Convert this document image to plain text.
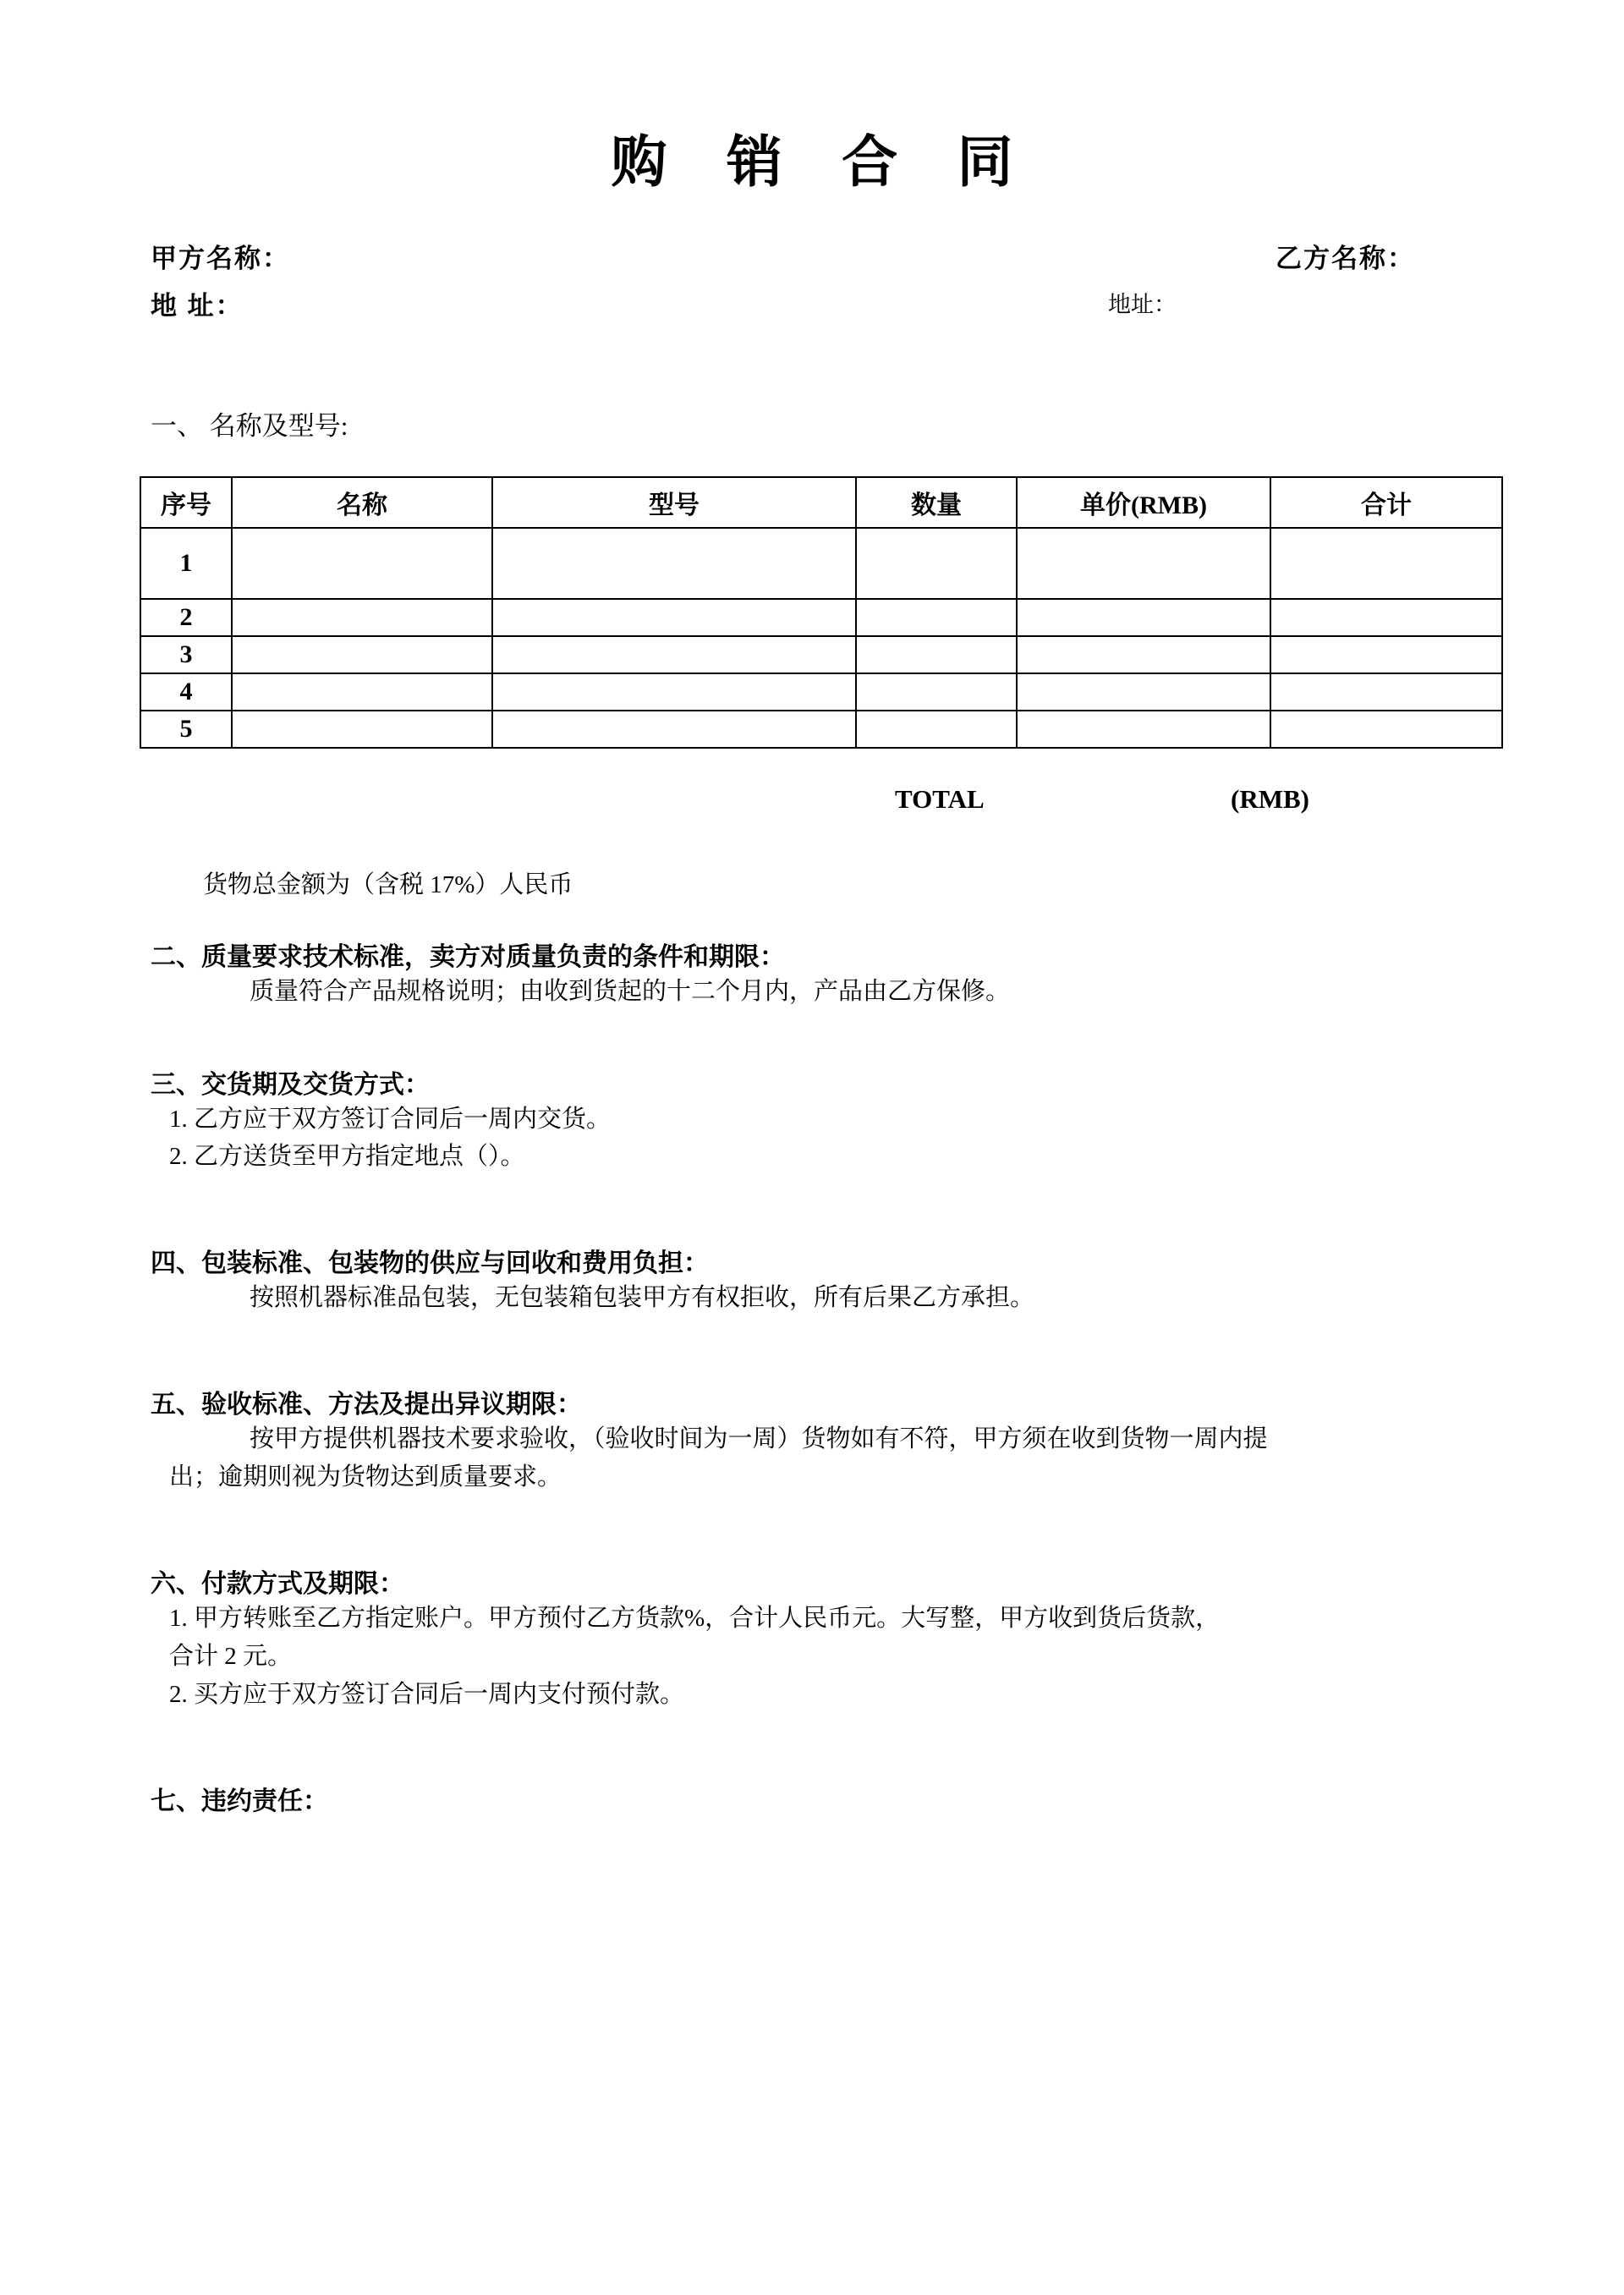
购 销 合 同
甲方名称：
地 址：
乙方名称：
地址：
一、 名称及型号:
序号	名称	型号	数量	单价(RMB)	合计
1					
2					
3					
4					
5					
TOTAL	(RMB)
货物总金额为（含税 17%）人民币
二、质量要求技术标准，卖方对质量负责的条件和期限：
质量符合产品规格说明；由收到货起的十二个月内，产品由乙方保修。
三、交货期及交货方式：
1. 乙方应于双方签订合同后一周内交货。
2. 乙方送货至甲方指定地点（）。
四、包装标准、包装物的供应与回收和费用负担：
按照机器标准品包装，无包装箱包装甲方有权拒收，所有后果乙方承担。
五、验收标准、方法及提出异议期限：
按甲方提供机器技术要求验收，（验收时间为一周）货物如有不符，甲方须在收到货物一周内提
出；逾期则视为货物达到质量要求。
六、付款方式及期限：
1. 甲方转账至乙方指定账户。甲方预付乙方货款%，合计人民币元。大写整，甲方收到货后货款，
合计 2 元。
2. 买方应于双方签订合同后一周内支付预付款。
七、违约责任：
